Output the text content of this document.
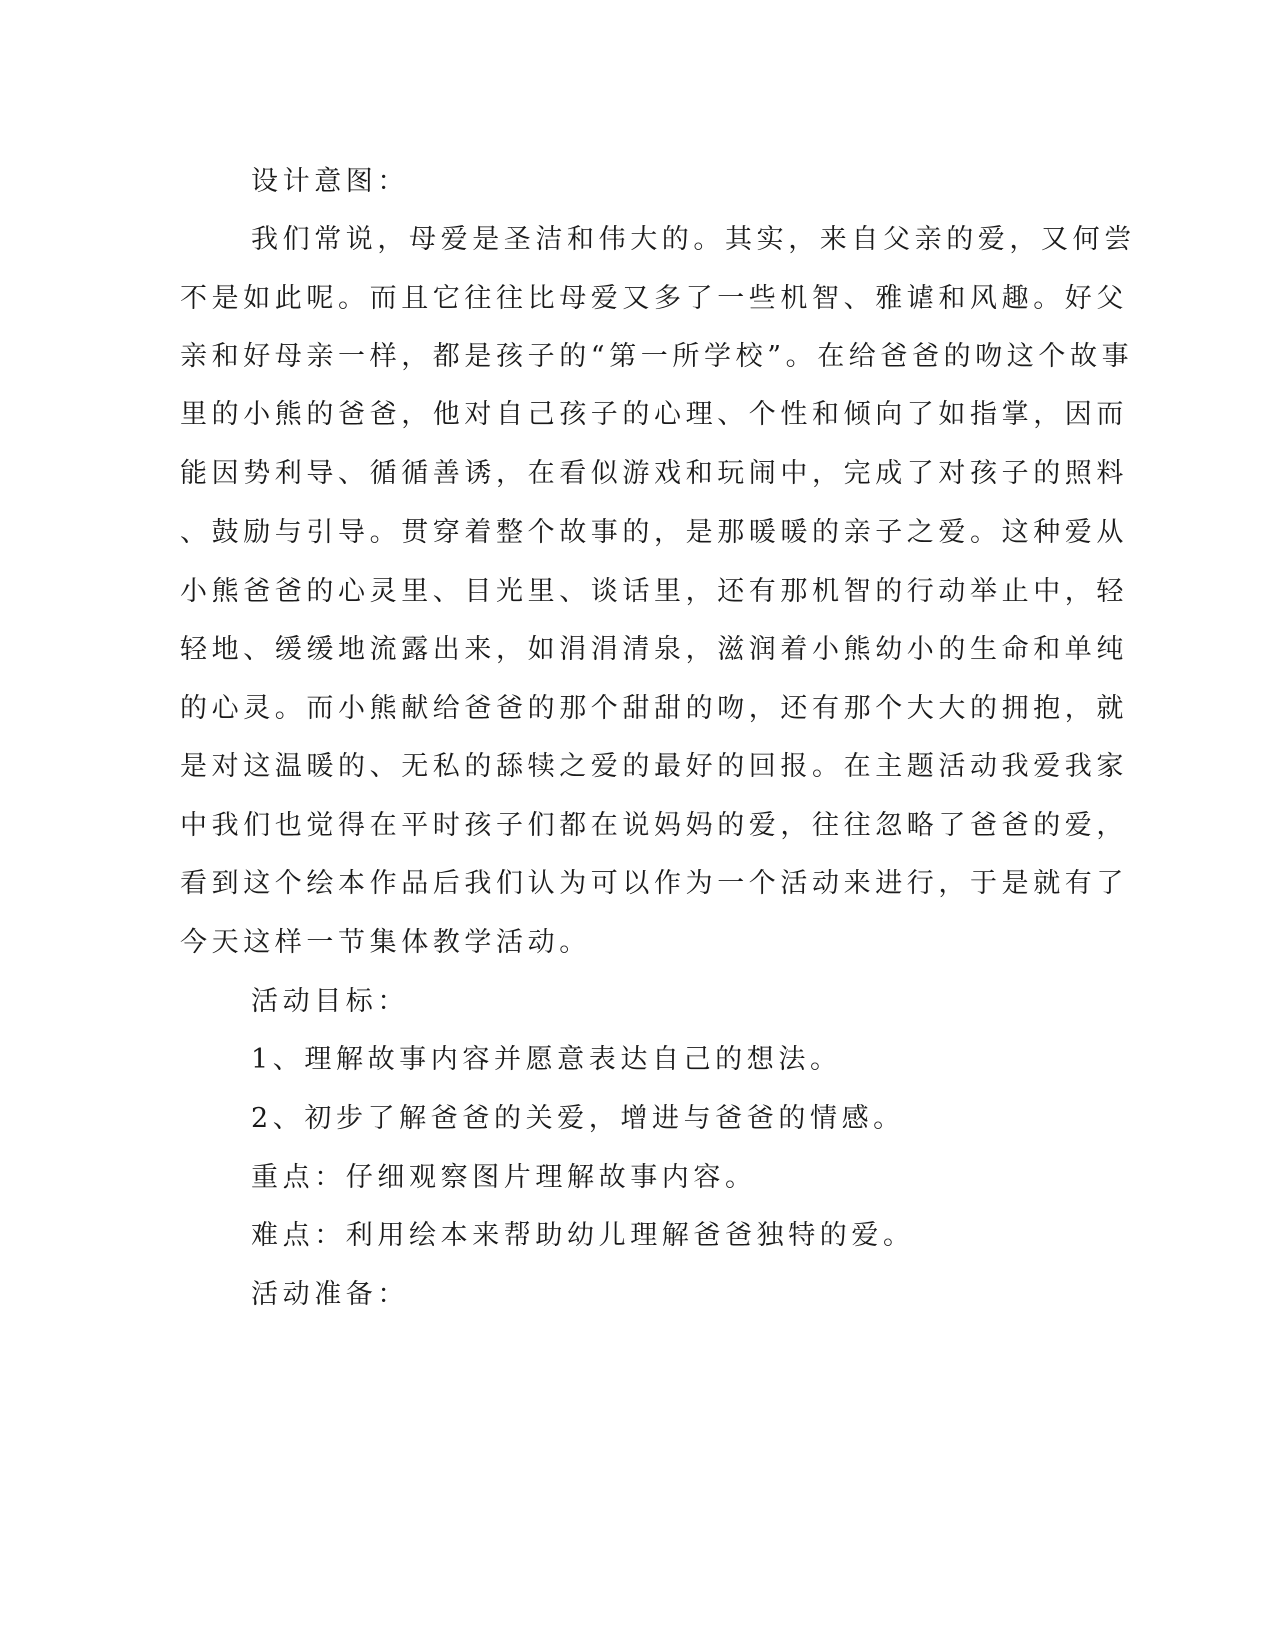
设计意图：
我们常说，母爱是圣洁和伟大的。其实，来自父亲的爱，又何尝
不是如此呢。而且它往往比母爱又多了一些机智、雅谑和风趣。好父
亲和好母亲一样，都是孩子的“第一所学校”。在给爸爸的吻这个故事
里的小熊的爸爸，他对自己孩子的心理、个性和倾向了如指掌，因而
能因势利导、循循善诱，在看似游戏和玩闹中，完成了对孩子的照料
、鼓励与引导。贯穿着整个故事的，是那暖暖的亲子之爱。这种爱从
小熊爸爸的心灵里、目光里、谈话里，还有那机智的行动举止中，轻
轻地、缓缓地流露出来，如涓涓清泉，滋润着小熊幼小的生命和单纯
的心灵。而小熊献给爸爸的那个甜甜的吻，还有那个大大的拥抱，就
是对这温暖的、无私的舔犊之爱的最好的回报。在主题活动我爱我家
中我们也觉得在平时孩子们都在说妈妈的爱，往往忽略了爸爸的爱，
看到这个绘本作品后我们认为可以作为一个活动来进行，于是就有了
今天这样一节集体教学活动。
活动目标：
1、理解故事内容并愿意表达自己的想法。
2、初步了解爸爸的关爱，增进与爸爸的情感。
重点：仔细观察图片理解故事内容。
难点：利用绘本来帮助幼儿理解爸爸独特的爱。
活动准备：
